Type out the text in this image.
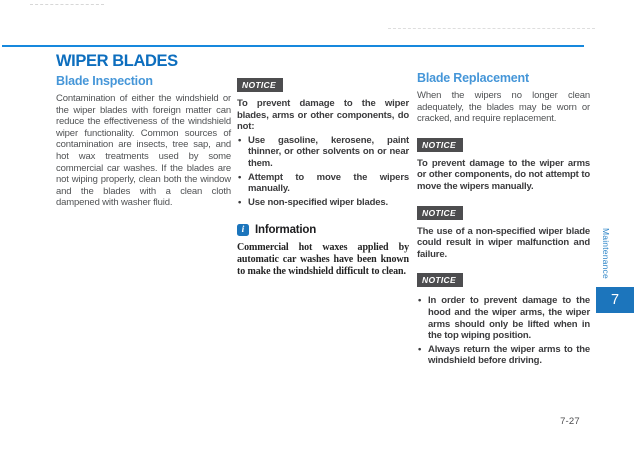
WIPER BLADES
Blade Inspection

Contamination of either the windshield or the wiper blades with foreign matter can reduce the effectiveness of the windshield wiper functionality. Common sources of contamination are insects, tree sap, and hot wax treatments used by some commercial car washes. If the blades are not wiping properly, clean both the window and the blades with a clean cloth dampened with washer fluid.

NOTICE

To prevent damage to the wiper blades, arms or other components, do not:

• Use gasoline, kerosene, paint thinner, or other solvents on or near them.
• Attempt to move the wipers manually.
• Use non-specified wiper blades.
i Information

Commercial hot waxes applied by automatic car washes have been known to make the windshield difficult to clean.

Blade Replacement

When the wipers no longer clean adequately, the blades may be worn or cracked, and require replacement.

NOTICE

To prevent damage to the wiper arms or other components, do not attempt to move the wipers manually.

NOTICE

The use of a non-specified wiper blade could result in wiper malfunction and failure.

NOTICE
• In order to prevent damage to the hood and the wiper arms, the wiper arms should only be lifted when in the top wiping position.
• Always return the wiper arms to the windshield before driving.
Maintenance
7
7-27
